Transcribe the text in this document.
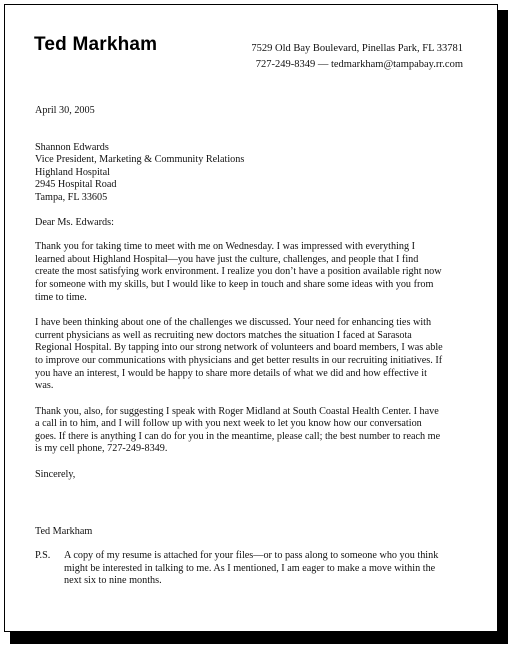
Ted Markham	7529 Old Bay Boulevard, Pinellas Park, FL 33781
727-249-8349 — tedmarkham@tampabay.rr.com

April 30, 2005

Shannon Edwards
Vice President, Marketing & Community Relations
Highland Hospital
2945 Hospital Road
Tampa, FL 33605

Dear Ms. Edwards:

Thank you for taking time to meet with me on Wednesday. I was impressed with everything I learned about Highland Hospital—you have just the culture, challenges, and people that I find create the most satisfying work environment. I realize you don’t have a position available right now for someone with my skills, but I would like to keep in touch and share some ideas with you from time to time.

I have been thinking about one of the challenges we discussed. Your need for enhancing ties with current physicians as well as recruiting new doctors matches the situation I faced at Sarasota Regional Hospital. By tapping into our strong network of volunteers and board members, I was able to improve our communications with physicians and get better results in our recruiting initiatives. If you have an interest, I would be happy to share more details of what we did and how effective it was.

Thank you, also, for suggesting I speak with Roger Midland at South Coastal Health Center. I have a call in to him, and I will follow up with you next week to let you know how our conversation goes. If there is anything I can do for you in the meantime, please call; the best number to reach me is my cell phone, 727-249-8349.

Sincerely,

Ted Markham

P.S.	A copy of my resume is attached for your files—or to pass along to someone who you think might be interested in talking to me. As I mentioned, I am eager to make a move within the next six to nine months.
